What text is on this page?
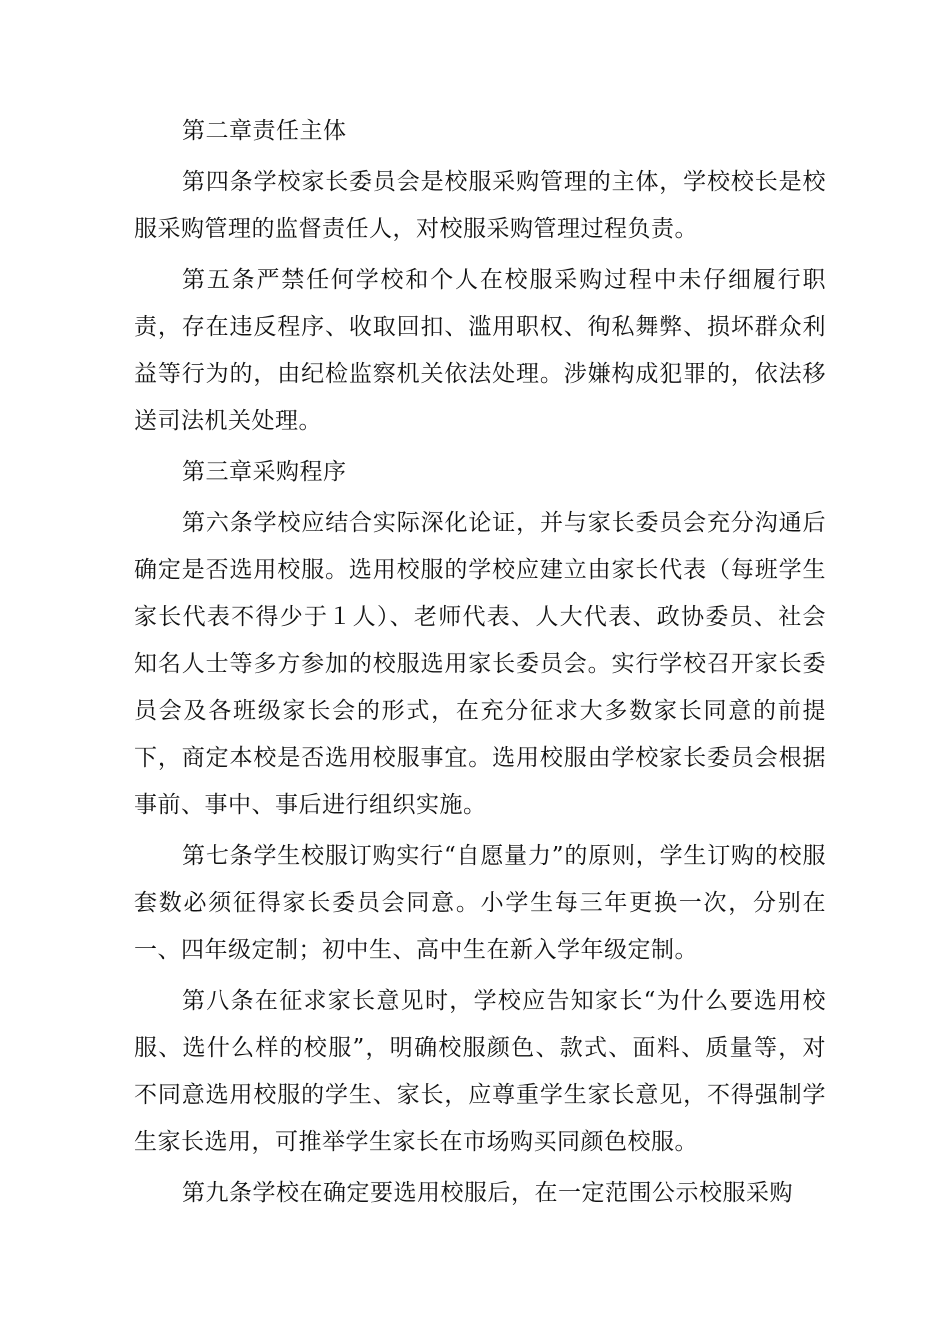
第二章责任主体

第四条学校家长委员会是校服采购管理的主体，学校校长是校服采购管理的监督责任人，对校服采购管理过程负责。

第五条严禁任何学校和个人在校服采购过程中未仔细履行职责，存在违反程序、收取回扣、滥用职权、徇私舞弊、损坏群众利益等行为的，由纪检监察机关依法处理。涉嫌构成犯罪的，依法移送司法机关处理。

第三章采购程序

第六条学校应结合实际深化论证，并与家长委员会充分沟通后确定是否选用校服。选用校服的学校应建立由家长代表（每班学生家长代表不得少于１人）、老师代表、人大代表、政协委员、社会知名人士等多方参加的校服选用家长委员会。实行学校召开家长委员会及各班级家长会的形式，在充分征求大多数家长同意的前提下，商定本校是否选用校服事宜。选用校服由学校家长委员会根据事前、事中、事后进行组织实施。

第七条学生校服订购实行“自愿量力”的原则，学生订购的校服套数必须征得家长委员会同意。小学生每三年更换一次，分别在一、四年级定制；初中生、高中生在新入学年级定制。

第八条在征求家长意见时，学校应告知家长“为什么要选用校服、选什么样的校服”，明确校服颜色、款式、面料、质量等，对不同意选用校服的学生、家长，应尊重学生家长意见，不得强制学生家长选用，可推举学生家长在市场购买同颜色校服。

第九条学校在确定要选用校服后，在一定范围公示校服采购
